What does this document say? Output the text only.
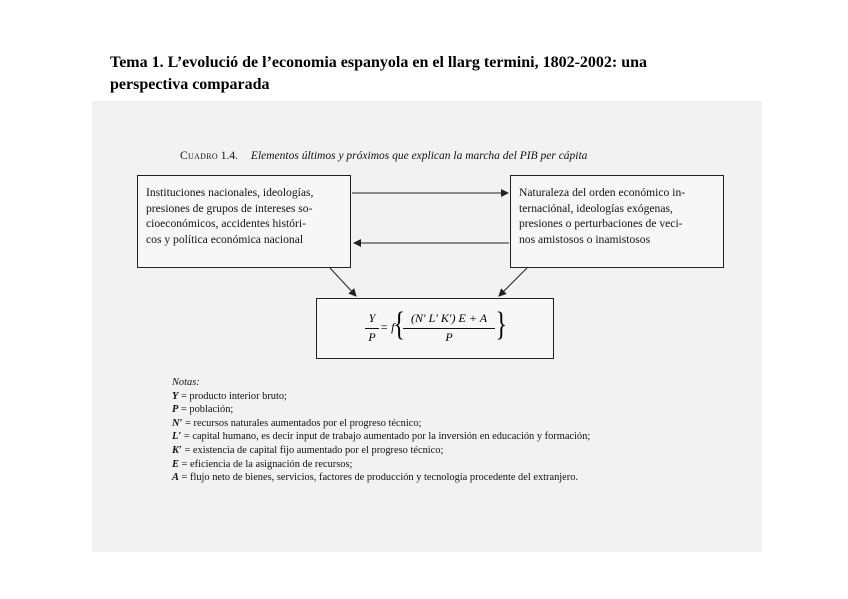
Tema 1. L’evolució de l’economia espanyola en el llarg termini, 1802-2002: una
perspectiva comparada
Cuadro 1.4. Elementos últimos y próximos que explican la marcha del PIB per cápita
Instituciones nacionales, ideologías,
presiones de grupos de intereses so-
cioeconómicos, accidentes históri-
cos y política económica nacional
Naturaleza del orden económico in-
ternaciónal, ideologías exógenas,
presiones o perturbaciones de veci-
nos amistosos o inamistosos
Y
P
= f { (N′ L′ K′) E + A
P	}
Notas:
Y = producto interior bruto;
P = población;
N′ = recursos naturales aumentados por el progreso técnico;
L′ = capital humano, es decir input de trabajo aumentado por la inversión en educación y formación;
K′ = existencia de capital fijo aumentado por el progreso técnico;
E = eficiencia de la asignación de recursos;
A = flujo neto de bienes, servicios, factores de producción y tecnología procedente del extranjero.
